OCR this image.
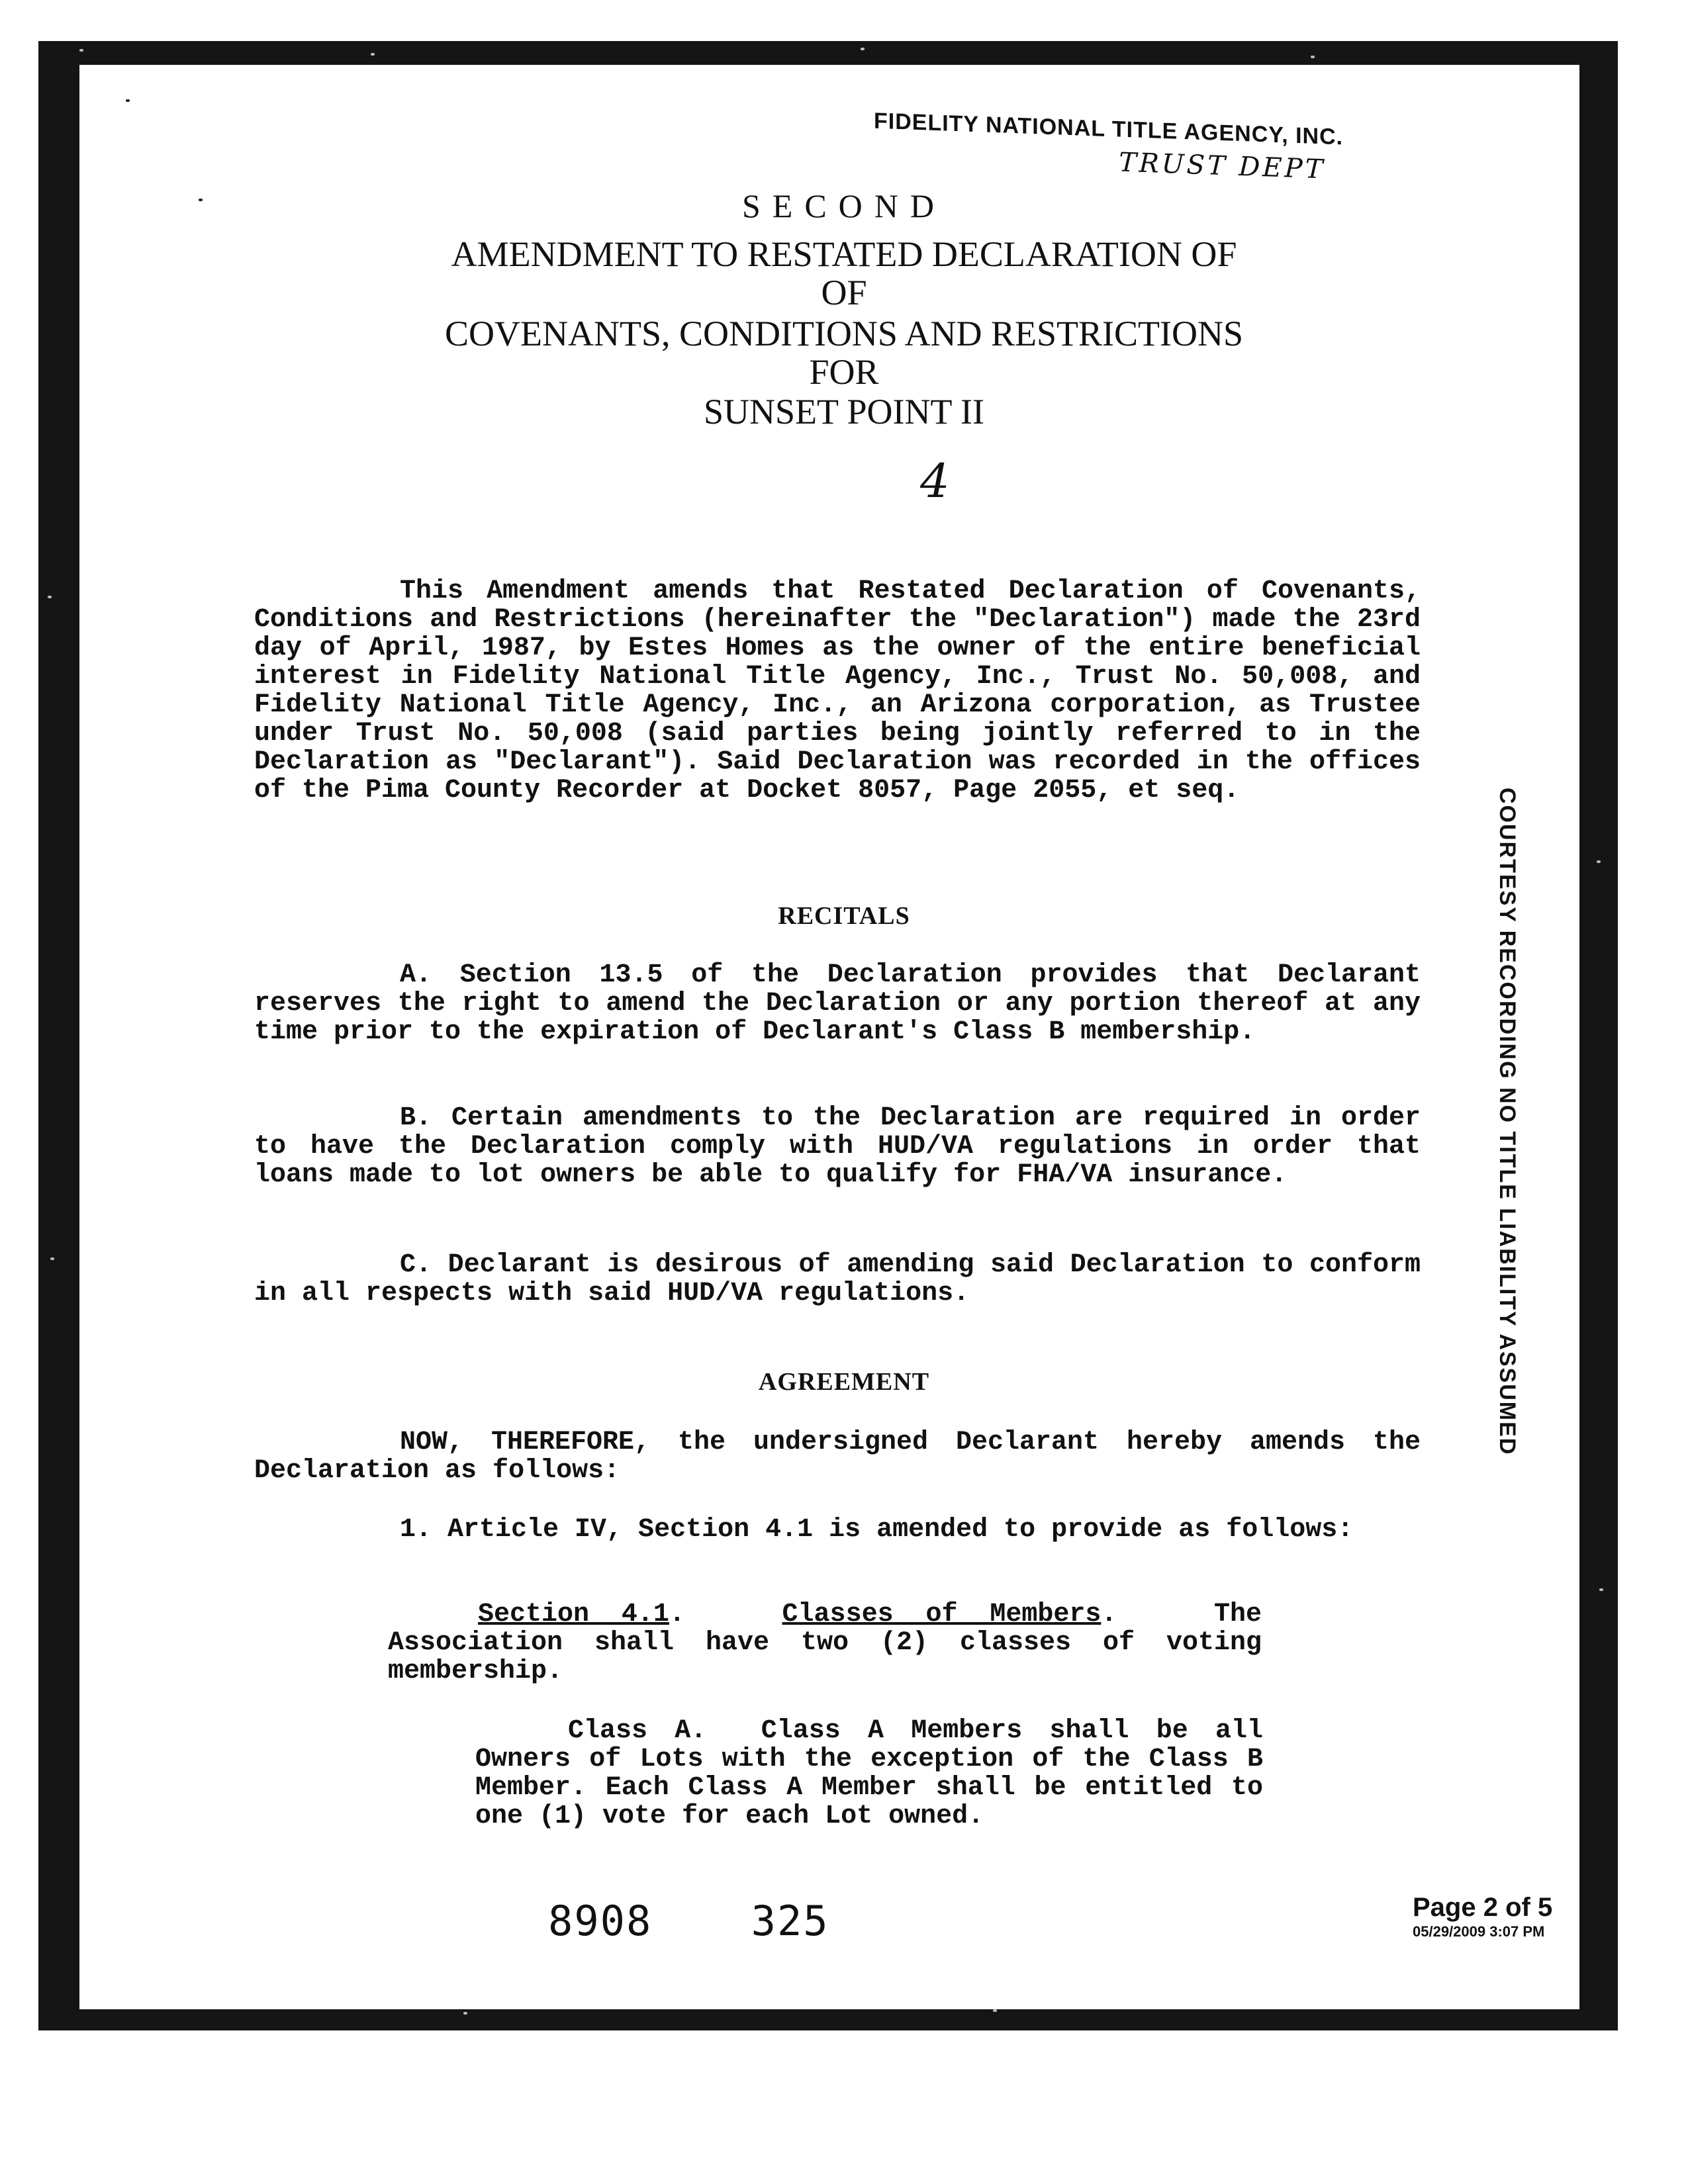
FIDELITY NATIONAL TITLE AGENCY, INC.
TRUST DEPT
SECOND
AMENDMENT TO RESTATED DECLARATION OF
OF
COVENANTS, CONDITIONS AND RESTRICTIONS
FOR
SUNSET POINT II
4
This Amendment amends that Restated Declaration of Covenants, Conditions and Restrictions (hereinafter the "Declaration") made the 23rd day of April, 1987, by Estes Homes as the owner of the entire beneficial interest in Fidelity National Title Agency, Inc., Trust No. 50,008, and Fidelity National Title Agency, Inc., an Arizona corporation, as Trustee under Trust No. 50,008 (said parties being jointly referred to in the Declaration as "Declarant"). Said Declaration was recorded in the offices of the Pima County Recorder at Docket 8057, Page 2055, et seq.
RECITALS
A. Section 13.5 of the Declaration provides that Declarant reserves the right to amend the Declaration or any portion thereof at any time prior to the expiration of Declarant's Class B membership.
B. Certain amendments to the Declaration are required in order to have the Declaration comply with HUD/VA regulations in order that loans made to lot owners be able to qualify for FHA/VA insurance.
C. Declarant is desirous of amending said Declaration to conform in all respects with said HUD/VA regulations.
AGREEMENT
NOW, THEREFORE, the undersigned Declarant hereby amends the Declaration as follows:
1. Article IV, Section 4.1 is amended to provide as follows:
Section 4.1.   Classes of Members.   The Association shall have two (2) classes of voting membership.
Class A.  Class A Members shall be all Owners of Lots with the exception of the Class B Member. Each Class A Member shall be entitled to one (1) vote for each Lot owned.
COURTESY RECORDING NO TITLE LIABILITY ASSUMED
8908 325	Page 2 of 5
05/29/2009 3:07 PM
